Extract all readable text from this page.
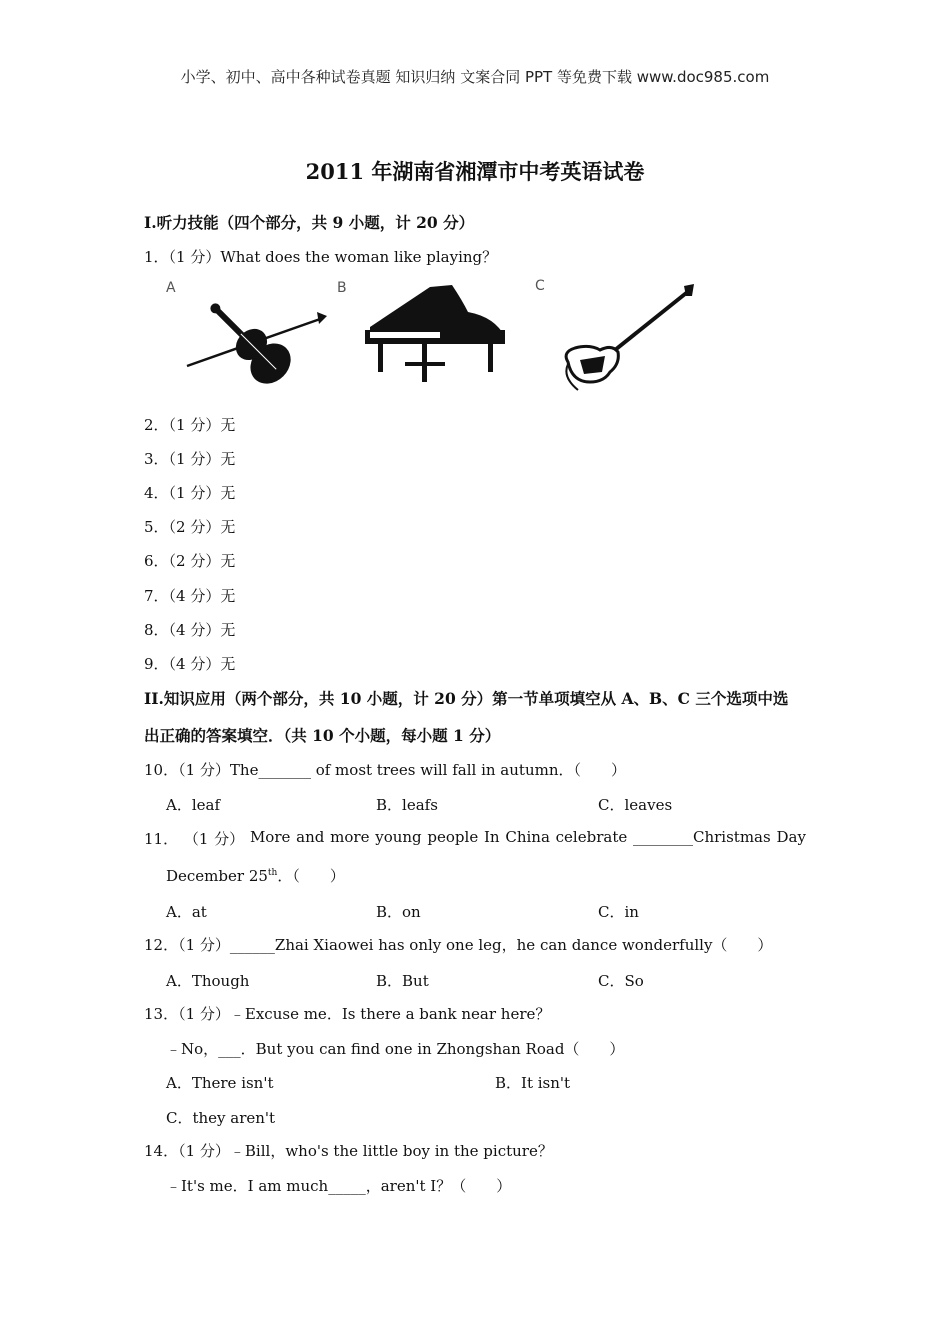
小学、初中、高中各种试卷真题 知识归纳 文案合同 PPT 等免费下载 www.doc985.com
2011 年湖南省湘潭市中考英语试卷
I.听力技能（四个部分，共 9 小题，计 20 分）
1．（1 分）What does the woman like playing？
A	B	C
2．（1 分）无
3．（1 分）无
4．（1 分）无
5．（2 分）无
6．（2 分）无
7．（4 分）无
8．（4 分）无
9．（4 分）无
II.知识应用（两个部分，共 10 小题，计 20 分）第一节单项填空从 A、B、C 三个选项中选
出正确的答案填空．（共 10 个小题，每小题 1 分）
10．（1 分）The_______ of most trees will fall in autumn．（　　）
A．leaf	B．leafs	C．leaves
11． （1 分） More and more young people In China celebrate ________Christmas Day
December 25th．（　　）
A．at	B．on	C．in
12．（1 分）______Zhai Xiaowei has only one leg，he can dance wonderfully（　　）
A．Though	B．But	C．So
13．（1 分）﹣Excuse me．Is there a bank near here？
﹣No，___．But you can find one in Zhongshan Road（　　）
A．There isn't	B．It isn't
C．they aren't
14．（1 分）﹣Bill，who's the little boy in the picture？
﹣It's me．I am much_____，aren't I？（　　）
